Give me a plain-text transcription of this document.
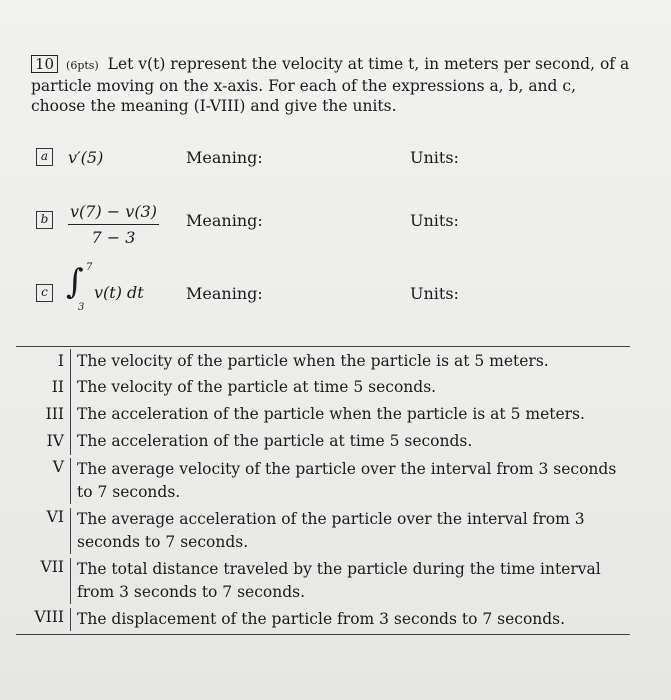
10 (6pts) Let v(t) represent the velocity at time t, in meters per second, of a particle moving on the x-axis. For each of the expressions a, b, and c, choose the meaning (I-VIII) and give the units.
a	v′(5)	Meaning:	Units:
b $\frac{v(7) - v(3)}{7 - 3}$ Meaning:	Units:
c ∫ 7
3
v(t) dt	Meaning:	Units:
I The velocity of the particle when the particle is at 5 meters.
II The velocity of the particle at time 5 seconds.
III The acceleration of the particle when the particle is at 5 meters.
IV The acceleration of the particle at time 5 seconds.
V The average velocity of the particle over the interval from 3 seconds to 7 seconds.
VI The average acceleration of the particle over the interval from 3 seconds to 7 seconds.
VII The total distance traveled by the particle during the time interval from 3 seconds to 7 seconds.
VIII The displacement of the particle from 3 seconds to 7 seconds.
